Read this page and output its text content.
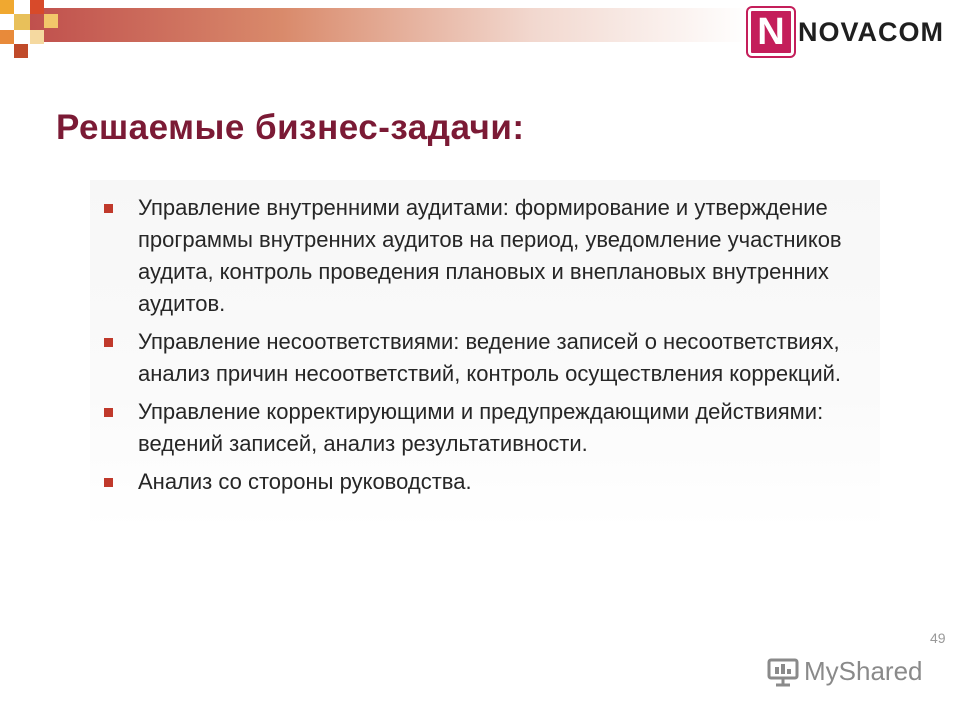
N NOVACOM
Решаемые бизнес-задачи:
Управление внутренними аудитами: формирование и утверждение программы внутренних аудитов на период, уведомление участников аудита, контроль проведения плановых и внеплановых внутренних аудитов.
Управление несоответствиями: ведение записей о несоответствиях, анализ причин несоответствий, контроль осуществления коррекций.
Управление корректирующими и предупреждающими действиями: ведений записей, анализ результативности.
Анализ со стороны руководства.
49
MyShared
